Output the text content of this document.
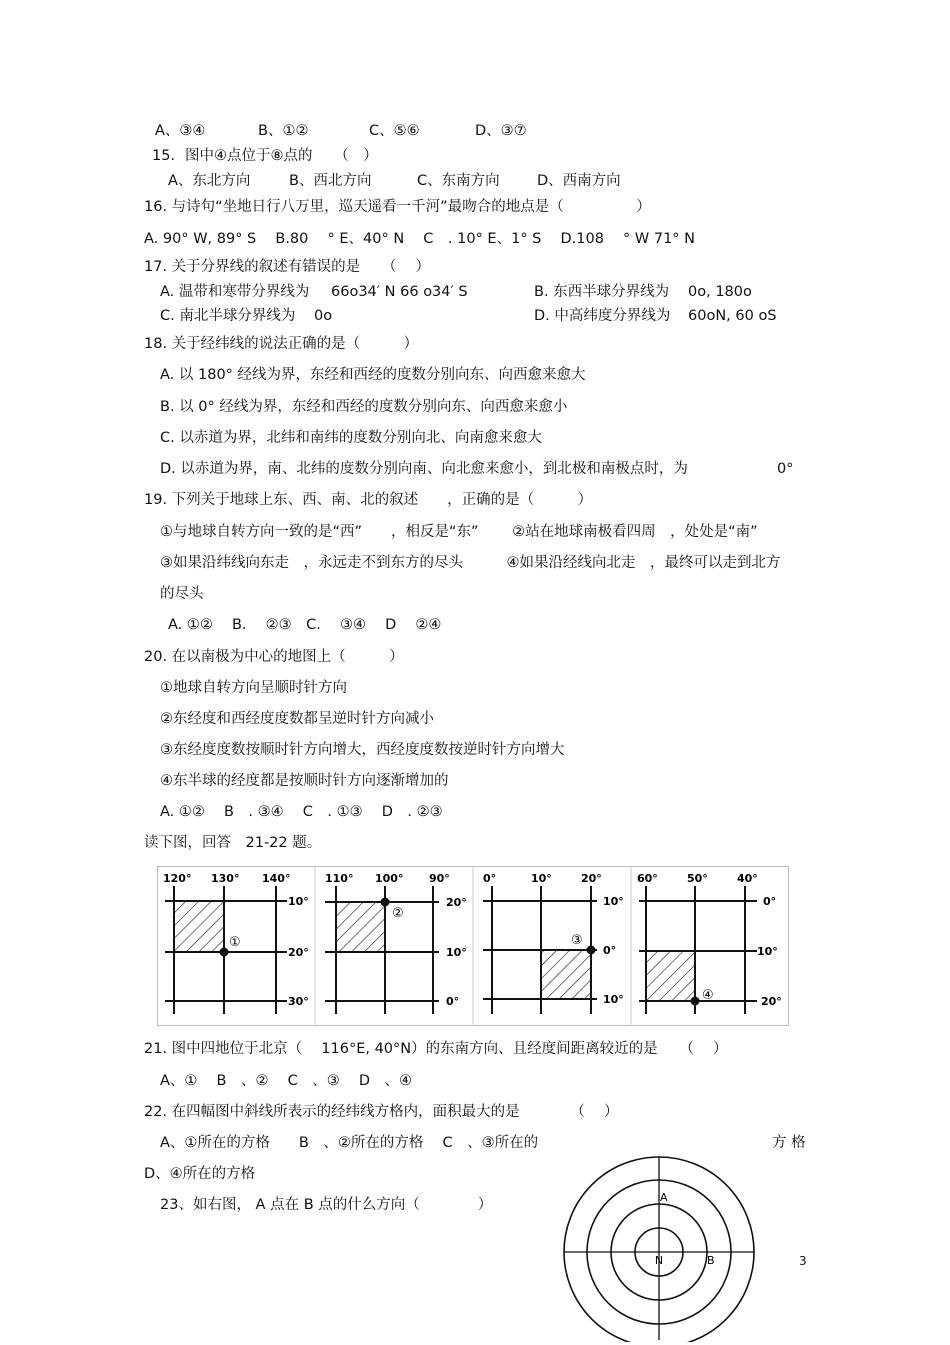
A、③④	B、①②	C、⑤⑥	D、③⑦
15．图中④点位于⑧点的　　（　）
A、东北方向	B、西北方向	C、东南方向	D、西南方向
16. 与诗句“坐地日行八万里，巡天遥看一千河”最吻合的地点是（　　　　　）
A. 90° W, 89° S　 B.80　 ° E、40° N　 C　. 10° E、1° S　 D.108　 ° W 71° N
17. 关于分界线的叙述有错误的是　　（　 ）
A. 温带和寒带分界线为 66o34′ N 66 o34′ S	B. 东西半球分界线为 0o, 180o
C. 南北半球分界线为 0o	D. 中高纬度分界线为 60oN, 60 oS
18. 关于经纬线的说法正确的是（　　　）
A. 以 180° 经线为界，东经和西经的度数分别向东、向西愈来愈大
B. 以 0° 经线为界，东经和西经的度数分别向东、向西愈来愈小
C. 以赤道为界，北纬和南纬的度数分别向北、向南愈来愈大
D. 以赤道为界，南、北纬的度数分别向南、向北愈来愈小，到北极和南极点时，为	0°
19. 下列关于地球上东、西、南、北的叙述　　，正确的是（　　　）
①与地球自转方向一致的是“西”　　，相反是“东”　　 ②站在地球南极看四周　，处处是“南”
③如果沿纬线向东走　，永远走不到东方的尽头　　　④如果沿经线向北走　，最终可以走到北方
的尽头
A. ①②　 B.　 ②③　C.　 ③④　 D　 ②④
20. 在以南极为中心的地图上（　　　）
①地球自转方向呈顺时针方向
②东经度和西经度度数都呈逆时针方向减小
③东经度度数按顺时针方向增大，西经度度数按逆时针方向增大
④东半球的经度都是按顺时针方向逐渐增加的
A. ①②　 B　. ③④　 C　. ①③　 D　. ②③
读下图，回答　21-22 题。
120° 130° 140°
10°
20°
30°
①
110° 100° 90°
20°
10°
0°
②
0°	10°	20°
10°
0°
10°
③
60°	50°	40°
0°
10°
20°
④
21. 图中四地位于北京（　 116°E, 40°N）的东南方向、且经度间距离较近的是　　（　 ）
A、①　 B　、②　 C　、③　 D　、④
22. 在四幅图中斜线所表示的经纬线方格内，面积最大的是　　　　（　 ）
A、①所在的方格　　B　、②所在的方格　 C　、③所在的	方 格
D、④所在的方格
23、如右图， A 点在 B 点的什么方向（　　　　）
N
A
B	3
